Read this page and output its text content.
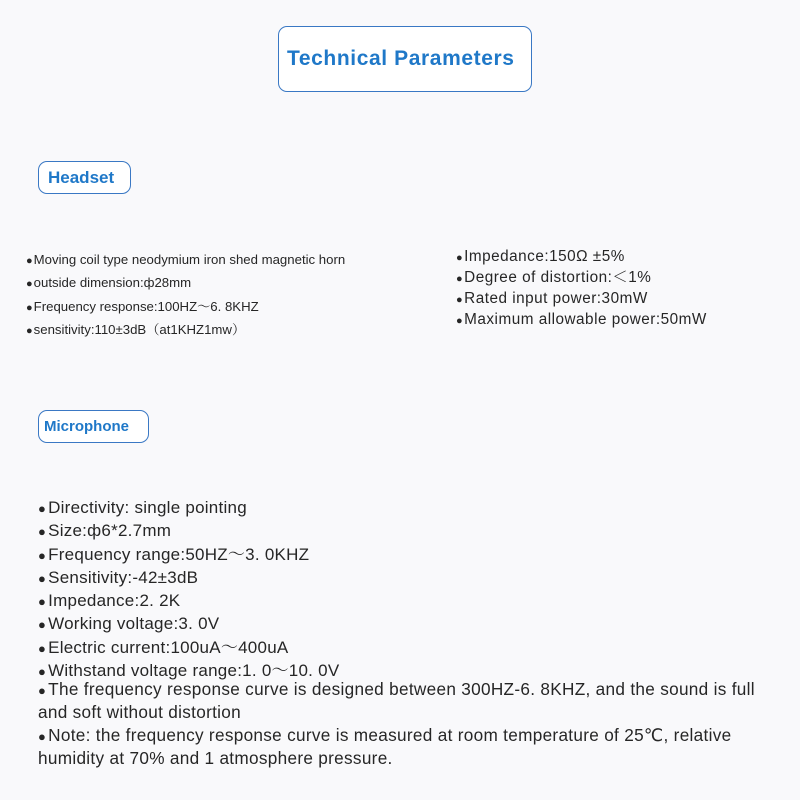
Technical Parameters
Headset
●Moving coil type neodymium iron shed magnetic horn
●outside dimension:ф28mm
●Frequency response:100HZ～6. 8KHZ
●sensitivity:110±3dB（at1KHZ1mw）
●Impedance:150Ω ±5%
●Degree of distortion:＜1%
●Rated input power:30mW
●Maximum allowable power:50mW
Microphone
● Directivity: single pointing
● Size:ф6*2.7mm
● Frequency range:50HZ～3. 0KHZ
● Sensitivity:-42±3dB
● Impedance:2. 2K
● Working voltage:3. 0V
● Electric current:100uA～400uA
● Withstand voltage range:1. 0～10. 0V
● The frequency response curve is designed between 300HZ-6. 8KHZ, and the sound is full and soft without distortion
● Note: the frequency response curve is measured at room temperature of 25℃, relative humidity at 70% and 1 atmosphere pressure.
